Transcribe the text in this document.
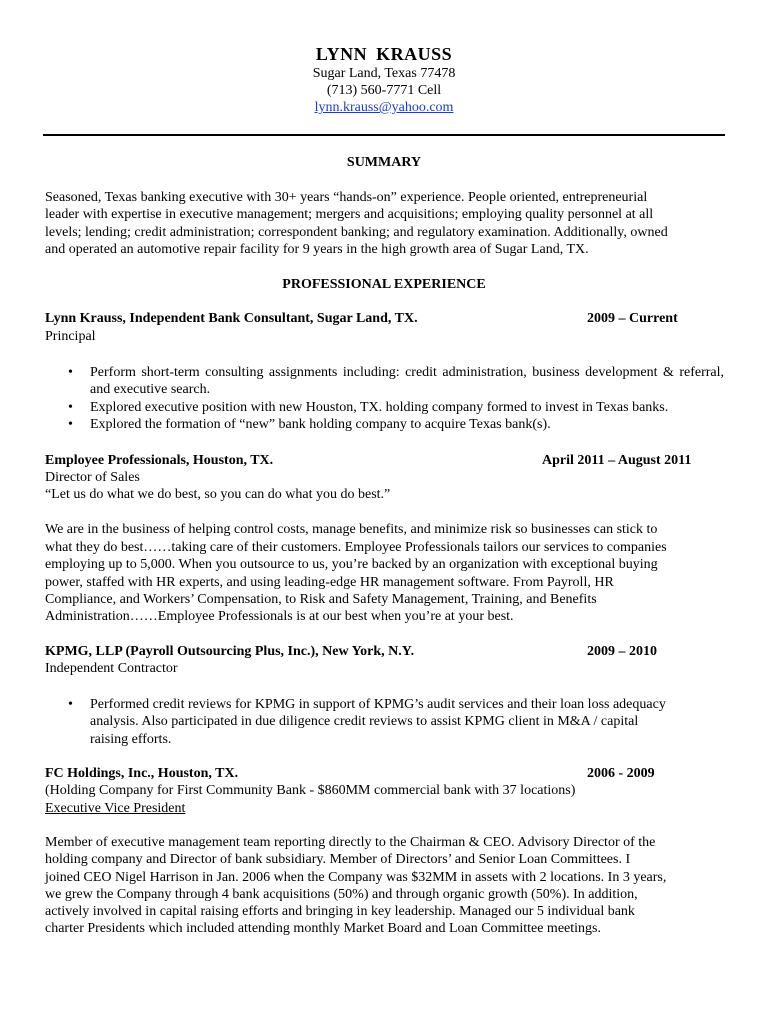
LYNN KRAUSS
Sugar Land, Texas 77478
(713) 560-7771 Cell
lynn.krauss@yahoo.com
SUMMARY
Seasoned, Texas banking executive with 30+ years “hands-on” experience. People oriented, entrepreneurial
leader with expertise in executive management; mergers and acquisitions; employing quality personnel at all
levels; lending; credit administration; correspondent banking; and regulatory examination. Additionally, owned
and operated an automotive repair facility for 9 years in the high growth area of Sugar Land, TX.
PROFESSIONAL EXPERIENCE
Lynn Krauss, Independent Bank Consultant, Sugar Land, TX.	2009 – Current
Principal
• Perform short-term consulting assignments including: credit administration, business development & referral, and executive search.
• Explored executive position with new Houston, TX. holding company formed to invest in Texas banks.
• Explored the formation of “new” bank holding company to acquire Texas bank(s).
Employee Professionals, Houston, TX.	April 2011 – August 2011
Director of Sales
“Let us do what we do best, so you can do what you do best.”
We are in the business of helping control costs, manage benefits, and minimize risk so businesses can stick to
what they do best……taking care of their customers. Employee Professionals tailors our services to companies
employing up to 5,000. When you outsource to us, you’re backed by an organization with exceptional buying
power, staffed with HR experts, and using leading-edge HR management software. From Payroll, HR
Compliance, and Workers’ Compensation, to Risk and Safety Management, Training, and Benefits
Administration……Employee Professionals is at our best when you’re at your best.
KPMG, LLP (Payroll Outsourcing Plus, Inc.), New York, N.Y.	2009 – 2010
Independent Contractor
• Performed credit reviews for KPMG in support of KPMG’s audit services and their loan loss adequacy
analysis. Also participated in due diligence credit reviews to assist KPMG client in M&A / capital
raising efforts.
FC Holdings, Inc., Houston, TX.	2006 - 2009
(Holding Company for First Community Bank - $860MM commercial bank with 37 locations)
Executive Vice President
Member of executive management team reporting directly to the Chairman & CEO. Advisory Director of the
holding company and Director of bank subsidiary. Member of Directors’ and Senior Loan Committees. I
joined CEO Nigel Harrison in Jan. 2006 when the Company was $32MM in assets with 2 locations. In 3 years,
we grew the Company through 4 bank acquisitions (50%) and through organic growth (50%). In addition,
actively involved in capital raising efforts and bringing in key leadership. Managed our 5 individual bank
charter Presidents which included attending monthly Market Board and Loan Committee meetings.
